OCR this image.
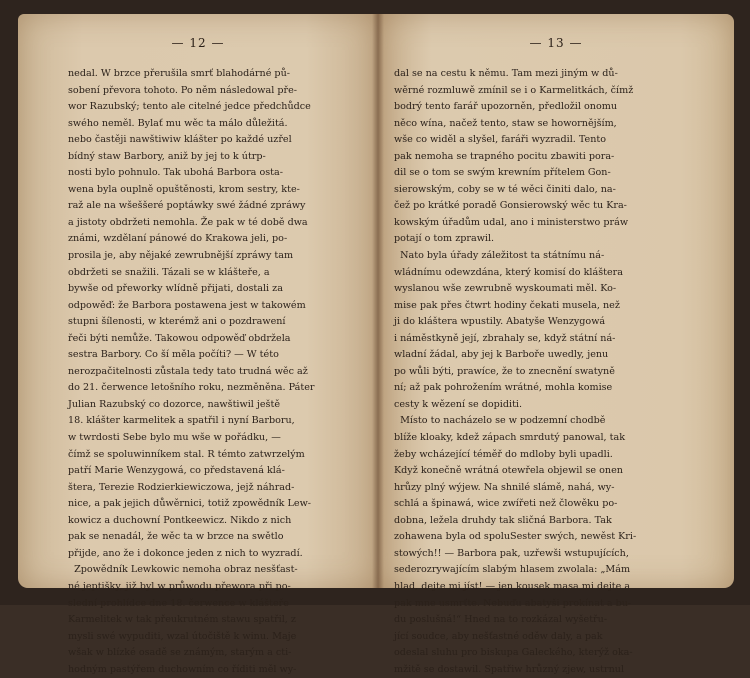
— 12 —
nedal. W brzce přerušila smrť blahodárné pů-
sobení převora tohoto. Po něm následowal pře-
wor Razubský; tento ale citelné jedce předchůdce
swého neměl. Bylať mu wěc ta málo důležitá.
nebo častěji nawštiwiw klášter po každé uzřel
bídný staw Barbory, aniž by jej to k útrp-
nosti bylo pohnulo. Tak ubohá Barbora osta-
wena byla ouplně opuštěnosti, krom sestry, kte-
raž ale na wšeššeré poptáwky swé žádné zpráwy
a jistoty obdržeti nemohla. Že pak w té době dwa
známi, wzdělaní pánowé do Krakowa jeli, po-
prosila je, aby nějaké zewrubnější zpráwy tam
obdržeti se snažili. Tázali se w klášteře, a
bywše od přeworky wlídně přijati, dostali za
odpowěď: že Barbora postawena jest w takowém
stupni šílenosti, w kterémž ani o pozdrawení
řeči býti nemůže. Takowou odpowěď obdržela
sestra Barbory. Co ší měla počíti? — W této
nerozpačitelnosti zůstala tedy tato trudná wěc až
do 21. čerwence letošního roku, nezměněna. Páter
Julian Razubský co dozorce, nawštiwil ještě
18. klášter karmelitek a spatřil i nyní Barboru,
w twrdosti Sebe bylo mu wše w pořádku, —
čímž se spoluwinníkem stal. R témto zatwrzelým
patří Marie Wenzygowá, co představená klá-
štera, Terezie Rodzierkiewiczowa, jejž náhrad-
nice, a pak jejich důwěrnici, totiž zpowědník Lew-
kowicz a duchowní Pontkeewicz. Nikdo z nich
pak se nenadál, že wěc ta w brzce na swětlo
přijde, ano že i dokonce jeden z nich to wyzradí.
Zpowědník Lewkowic nemoha obraz nesšťast-
né jeptišky, již byl w průwodu přewora při po-
slední prohlídce dne 18. čerwence w klášteře
Karmelitek w tak přeukrutném stawu spatřil, z
mysli swé wypuditi, wzal útočiště k winu. Maje
wšak w blízké osadě se známým, starým a cti-
hodným pastýřem duchowním co říditi měl wy-
— 13 —
dal se na cestu k němu. Tam mezi jiným w dů-
wěrné rozmluwě zmínil se i o Karmelitkách, čímž
bodrý tento farář upozorněn, předložil onomu
něco wína, načež tento, staw se howornějším,
wše co widěl a slyšel, faráři wyzradil. Tento
pak nemoha se trapného pocitu zbawiti pora-
dil se o tom se swým krewním přítelem Gon-
sierowským, coby se w té wěci činiti dalo, na-
čež po krátké poradě Gonsierowský wěc tu Kra-
kowským úřadům udal, ano i ministerstwo práw
potají o tom zprawil.
Nato byla úřady záležitost ta státnímu ná-
wládnímu odewzdána, který komisí do kláštera
wyslanou wše zewrubně wyskoumati měl. Ko-
mise pak přes čtwrt hodiny čekati musela, než
ji do kláštera wpustily. Abatyše Wenzygowá
i náměstkyně její, zbrahaly se, když státní ná-
wladní žádal, aby jej k Barboře uwedly, jenu
po wůli býti, prawíce, že to znecnění swatyně
ní; až pak pohrožením wrátné, mohla komise
cesty k wězení se dopiditi.
Místo to nacházelo se w podzemní chodbě
blíže kloaky, kdež zápach smrdutý panowal, tak
žeby wcházející téměř do mdloby byli upadli.
Když konečně wrátná otewřela objewil se onen
hrůzy plný wýjew. Na shnilé slámě, nahá, wy-
schlá a špinawá, wice zwířeti než člowěku po-
dobna, ležela druhdy tak sličná Barbora. Tak
zohawena byla od spoluSester swých, newěst Kri-
stowých!! — Barbora pak, uzřewši wstupujících,
sederozrywajícím slabým hlasem zwolala: „Mám
hlad, dejte mi jíst! — jen kousek masa mi dejte a
pak mne usmrťte. Nebuďu abatyši prokínat a bu-
du poslušná!“ Hned na to rozkázal wyšetřu-
jící soudce, aby nešťastné oděw daly, a pak
odeslal sluhu pro biskupa Galeckého, kterýž oka-
mžitě se dostawil. Spatřiw hrůzný zjew, ustrnul
